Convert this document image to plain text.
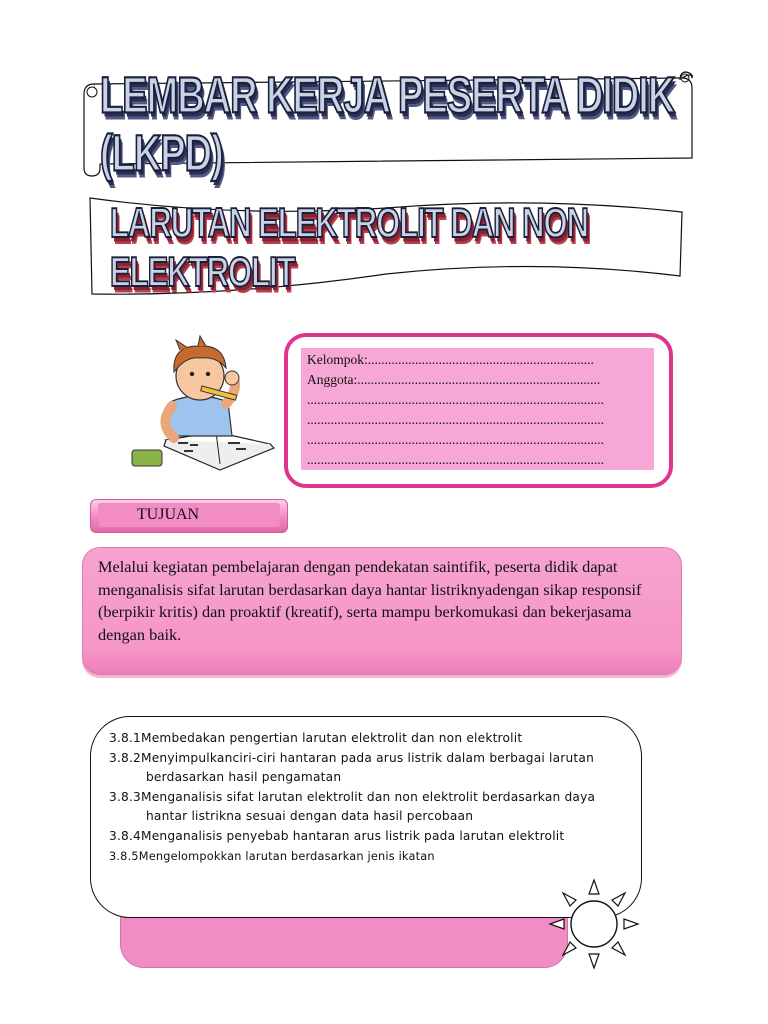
LEMBAR KERJA PESERTA DIDIK (LKPD)
LARUTAN ELEKTROLIT DAN NON ELEKTROLIT
Kelompok:...................................................................
Anggota:........................................................................
........................................................................................
........................................................................................
........................................................................................
........................................................................................
TUJUAN
Melalui kegiatan pembelajaran dengan pendekatan saintifik, peserta didik dapat menganalisis sifat larutan berdasarkan daya hantar listriknyadengan sikap responsif (berpikir kritis) dan proaktif (kreatif), serta mampu berkomukasi dan bekerjasama dengan baik.
3.8.1Membedakan pengertian larutan elektrolit dan non elektrolit
3.8.2Menyimpulkanciri-ciri hantaran pada arus listrik dalam berbagai larutan
berdasarkan hasil pengamatan
3.8.3Menganalisis sifat larutan elektrolit dan non elektrolit berdasarkan daya
hantar listrikna sesuai dengan data hasil percobaan
3.8.4Menganalisis penyebab hantaran arus listrik pada larutan elektrolit
3.8.5Mengelompokkan larutan berdasarkan jenis ikatan
